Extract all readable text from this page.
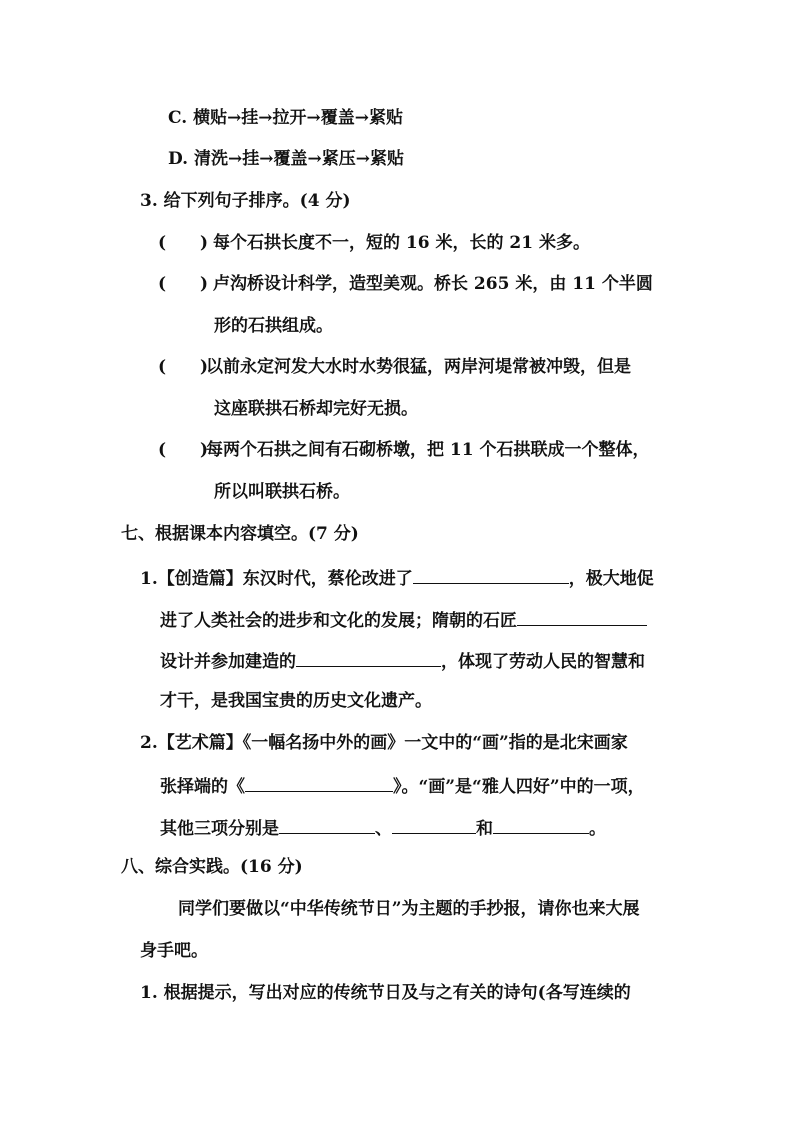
C. 横贴→挂→拉开→覆盖→紧贴
D. 清洗→挂→覆盖→紧压→紧贴
3. 给下列句子排序。(4 分)
(　　) 每个石拱长度不一，短的 16 米，长的 21 米多。
(　　) 卢沟桥设计科学，造型美观。桥长 265 米，由 11 个半圆
形的石拱组成。
(　　)以前永定河发大水时水势很猛，两岸河堤常被冲毁，但是
这座联拱石桥却完好无损。
(　　)每两个石拱之间有石砌桥墩，把 11 个石拱联成一个整体，
所以叫联拱石桥。
七、根据课本内容填空。(7 分)
1.【创造篇】东汉时代，蔡伦改进了	，极大地促
进了人类社会的进步和文化的发展；隋朝的石匠
设计并参加建造的	，体现了劳动人民的智慧和
才干，是我国宝贵的历史文化遗产。
2.【艺术篇】《一幅名扬中外的画》一文中的“画”指的是北宋画家
张择端的《	》。“画”是“雅人四好”中的一项，
其他三项分别是	、	和	。
八、综合实践。(16 分)
同学们要做以“中华传统节日”为主题的手抄报，请你也来大展
身手吧。
1. 根据提示，写出对应的传统节日及与之有关的诗句(各写连续的
